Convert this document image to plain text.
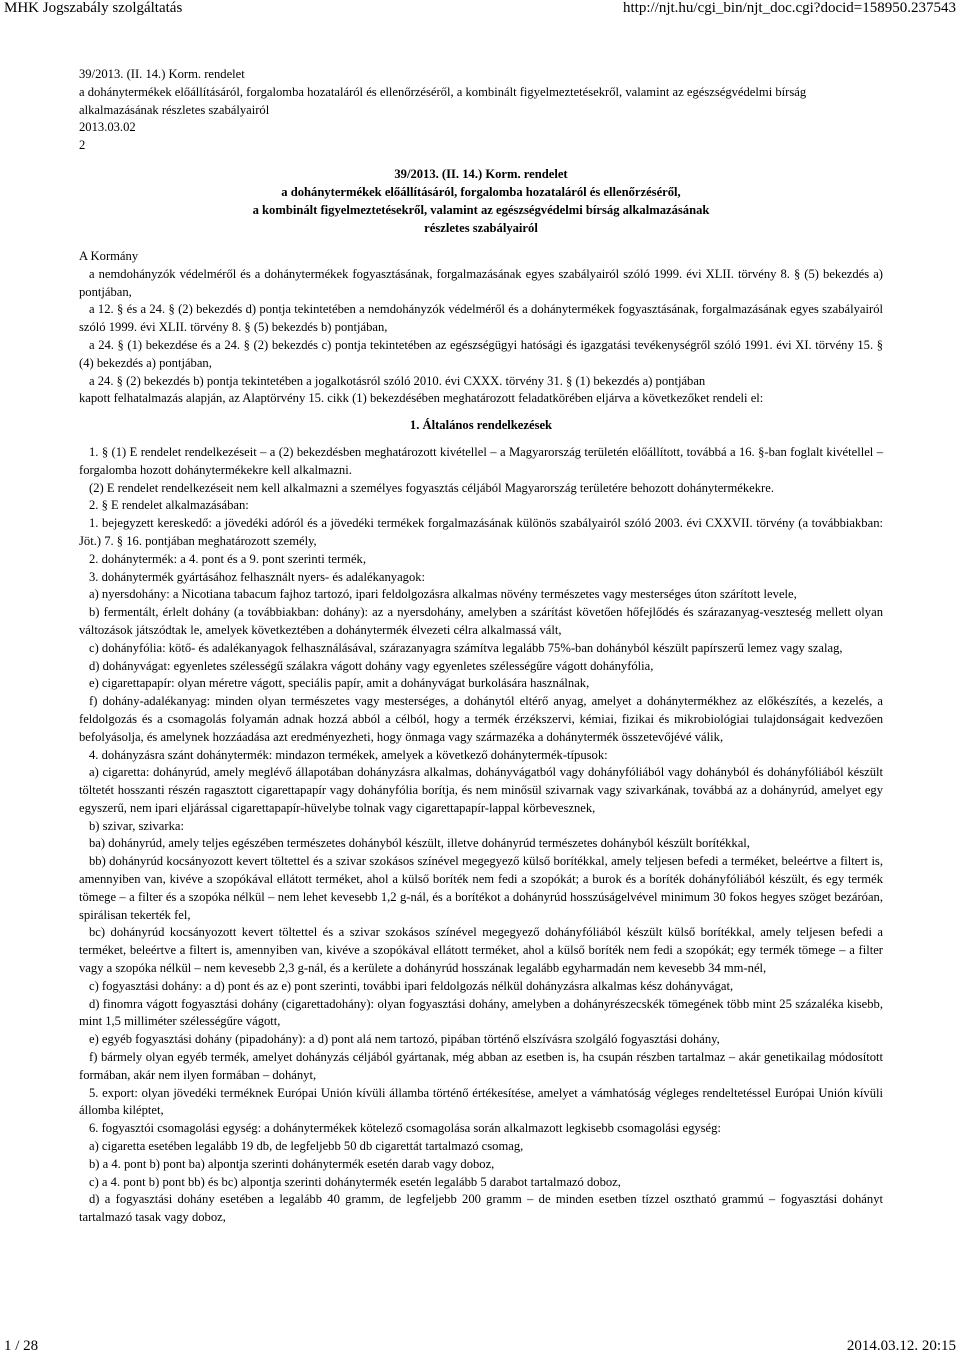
MHK Jogszabály szolgáltatás	http://njt.hu/cgi_bin/njt_doc.cgi?docid=158950.237543

39/2013. (II. 14.) Korm. rendelet

a dohánytermékek előállításáról, forgalomba hozataláról és ellenőrzéséről, a kombinált figyelmeztetésekről, valamint az egészségvédelmi bírság alkalmazásának részletes szabályairól

2013.03.02

2

39/2013. (II. 14.) Korm. rendelet
a dohánytermékek előállításáról, forgalomba hozataláról és ellenőrzéséről,
a kombinált figyelmeztetésekről, valamint az egészségvédelmi bírság alkalmazásának
részletes szabályairól

A Kormány

a nemdohányzók védelméről és a dohánytermékek fogyasztásának, forgalmazásának egyes szabályairól szóló 1999. évi XLII. törvény 8. § (5) bekezdés a) pontjában,

a 12. § és a 24. § (2) bekezdés d) pontja tekintetében a nemdohányzók védelméről és a dohánytermékek fogyasztásának, forgalmazásának egyes szabályairól szóló 1999. évi XLII. törvény 8. § (5) bekezdés b) pontjában,

a 24. § (1) bekezdése és a 24. § (2) bekezdés c) pontja tekintetében az egészségügyi hatósági és igazgatási tevékenységről szóló 1991. évi XI. törvény 15. § (4) bekezdés a) pontjában,

a 24. § (2) bekezdés b) pontja tekintetében a jogalkotásról szóló 2010. évi CXXX. törvény 31. § (1) bekezdés a) pontjában

kapott felhatalmazás alapján, az Alaptörvény 15. cikk (1) bekezdésében meghatározott feladatkörében eljárva a következőket rendeli el:

1. Általános rendelkezések

1. § (1) E rendelet rendelkezéseit – a (2) bekezdésben meghatározott kivétellel – a Magyarország területén előállított, továbbá a 16. §-ban foglalt kivétellel – forgalomba hozott dohánytermékekre kell alkalmazni.

(2) E rendelet rendelkezéseit nem kell alkalmazni a személyes fogyasztás céljából Magyarország területére behozott dohánytermékekre.

2. § E rendelet alkalmazásában:

1. bejegyzett kereskedő: a jövedéki adóról és a jövedéki termékek forgalmazásának különös szabályairól szóló 2003. évi CXXVII. törvény (a továbbiakban: Jöt.) 7. § 16. pontjában meghatározott személy,

2. dohánytermék: a 4. pont és a 9. pont szerinti termék,

3. dohánytermék gyártásához felhasznált nyers- és adalékanyagok:

a) nyersdohány: a Nicotiana tabacum fajhoz tartozó, ipari feldolgozásra alkalmas növény természetes vagy mesterséges úton szárított levele,

b) fermentált, érlelt dohány (a továbbiakban: dohány): az a nyersdohány, amelyben a szárítást követően hőfejlődés és szárazanyag-veszteség mellett olyan változások játszódtak le, amelyek következtében a dohánytermék élvezeti célra alkalmassá vált,

c) dohányfólia: kötő- és adalékanyagok felhasználásával, szárazanyagra számítva legalább 75%-ban dohányból készült papírszerű lemez vagy szalag,

d) dohányvágat: egyenletes szélességű szálakra vágott dohány vagy egyenletes szélességűre vágott dohányfólia,

e) cigarettapapír: olyan méretre vágott, speciális papír, amit a dohányvágat burkolására használnak,

f) dohány-adalékanyag: minden olyan természetes vagy mesterséges, a dohánytól eltérő anyag, amelyet a dohánytermékhez az előkészítés, a kezelés, a feldolgozás és a csomagolás folyamán adnak hozzá abból a célból, hogy a termék érzékszervi, kémiai, fizikai és mikrobiológiai tulajdonságait kedvezően befolyásolja, és amelynek hozzáadása azt eredményezheti, hogy önmaga vagy származéka a dohánytermék összetevőjévé válik,

4. dohányzásra szánt dohánytermék: mindazon termékek, amelyek a következő dohánytermék-típusok:

a) cigaretta: dohányrúd, amely meglévő állapotában dohányzásra alkalmas, dohányvágatból vagy dohányfóliából vagy dohányból és dohányfóliából készült töltetét hosszanti részén ragasztott cigarettapapír vagy dohányfólia borítja, és nem minősül szivarnak vagy szivarkának, továbbá az a dohányrúd, amelyet egy egyszerű, nem ipari eljárással cigarettapapír-hüvelybe tolnak vagy cigarettapapír-lappal körbevesznek,

b) szivar, szivarka:

ba) dohányrúd, amely teljes egészében természetes dohányból készült, illetve dohányrúd természetes dohányból készült borítékkal,

bb) dohányrúd kocsányozott kevert töltettel és a szivar szokásos színével megegyező külső borítékkal, amely teljesen befedi a terméket, beleértve a filtert is, amennyiben van, kivéve a szopókával ellátott terméket, ahol a külső boríték nem fedi a szopókát; a burok és a boríték dohányfóliából készült, és egy termék tömege – a filter és a szopóka nélkül – nem lehet kevesebb 1,2 g-nál, és a borítékot a dohányrúd hosszúságelvével minimum 30 fokos hegyes szöget bezáróan, spirálisan tekerték fel,

bc) dohányrúd kocsányozott kevert töltettel és a szivar szokásos színével megegyező dohányfóliából készült külső borítékkal, amely teljesen befedi a terméket, beleértve a filtert is, amennyiben van, kivéve a szopókával ellátott terméket, ahol a külső boríték nem fedi a szopókát; egy termék tömege – a filter vagy a szopóka nélkül – nem kevesebb 2,3 g-nál, és a kerülete a dohányrúd hosszának legalább egyharmadán nem kevesebb 34 mm-nél,

c) fogyasztási dohány: a d) pont és az e) pont szerinti, további ipari feldolgozás nélkül dohányzásra alkalmas kész dohányvágat,

d) finomra vágott fogyasztási dohány (cigarettadohány): olyan fogyasztási dohány, amelyben a dohányrészecskék tömegének több mint 25 százaléka kisebb, mint 1,5 milliméter szélességűre vágott,

e) egyéb fogyasztási dohány (pipadohány): a d) pont alá nem tartozó, pipában történő elszívásra szolgáló fogyasztási dohány,

f) bármely olyan egyéb termék, amelyet dohányzás céljából gyártanak, még abban az esetben is, ha csupán részben tartalmaz – akár genetikailag módosított formában, akár nem ilyen formában – dohányt,

5. export: olyan jövedéki terméknek Európai Unión kívüli államba történő értékesítése, amelyet a vámhatóság végleges rendeltetéssel Európai Unión kívüli állomba kiléptet,

6. fogyasztói csomagolási egység: a dohánytermékek kötelező csomagolása során alkalmazott legkisebb csomagolási egység:

a) cigaretta esetében legalább 19 db, de legfeljebb 50 db cigarettát tartalmazó csomag,

b) a 4. pont b) pont ba) alpontja szerinti dohánytermék esetén darab vagy doboz,

c) a 4. pont b) pont bb) és bc) alpontja szerinti dohánytermék esetén legalább 5 darabot tartalmazó doboz,

d) a fogyasztási dohány esetében a legalább 40 gramm, de legfeljebb 200 gramm – de minden esetben tízzel osztható grammú – fogyasztási dohányt tartalmazó tasak vagy doboz,

1 / 28	2014.03.12. 20:15
